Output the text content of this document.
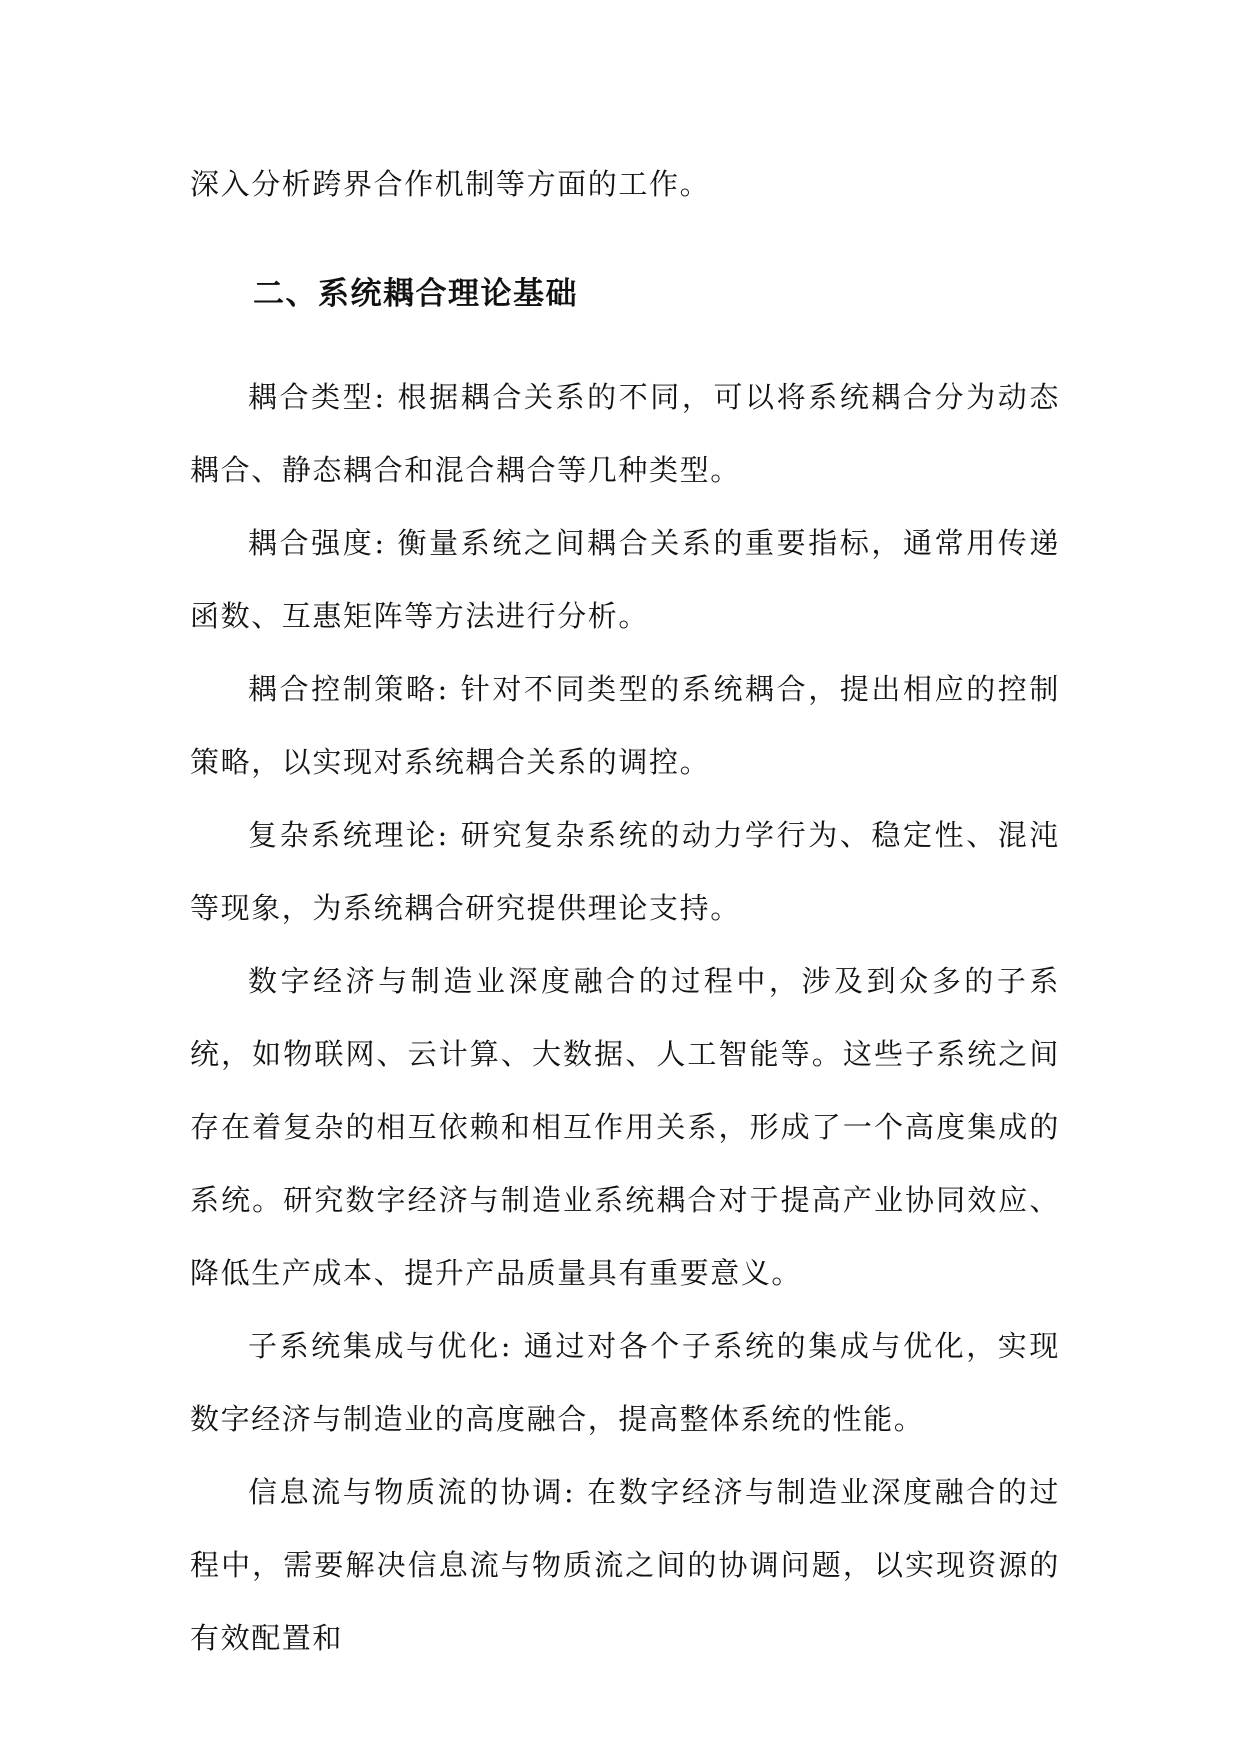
深入分析跨界合作机制等方面的工作。

二、系统耦合理论基础

耦合类型: 根据耦合关系的不同，可以将系统耦合分为动态耦合、静态耦合和混合耦合等几种类型。

耦合强度: 衡量系统之间耦合关系的重要指标，通常用传递函数、互惠矩阵等方法进行分析。

耦合控制策略: 针对不同类型的系统耦合，提出相应的控制策略，以实现对系统耦合关系的调控。

复杂系统理论: 研究复杂系统的动力学行为、稳定性、混沌等现象，为系统耦合研究提供理论支持。

数字经济与制造业深度融合的过程中，涉及到众多的子系统，如物联网、云计算、大数据、人工智能等。这些子系统之间存在着复杂的相互依赖和相互作用关系，形成了一个高度集成的系统。研究数字经济与制造业系统耦合对于提高产业协同效应、降低生产成本、提升产品质量具有重要意义。

子系统集成与优化: 通过对各个子系统的集成与优化，实现数字经济与制造业的高度融合，提高整体系统的性能。

信息流与物质流的协调: 在数字经济与制造业深度融合的过程中，需要解决信息流与物质流之间的协调问题，以实现资源的有效配置和
